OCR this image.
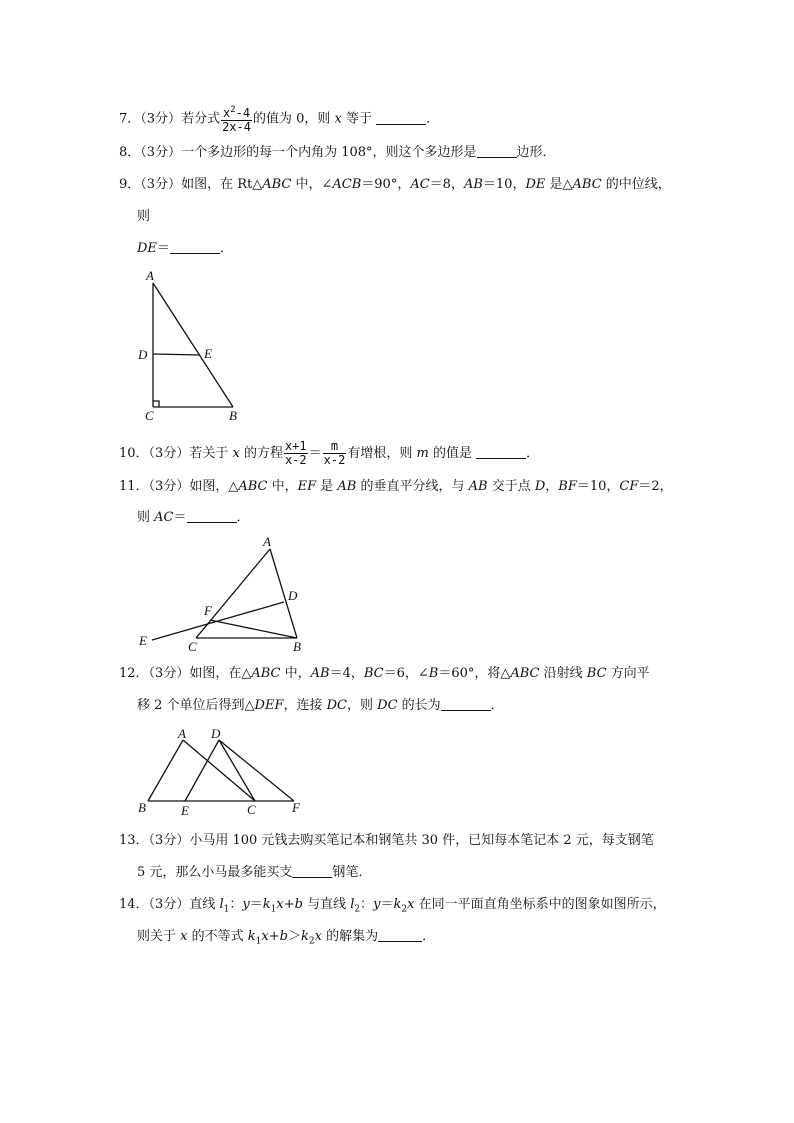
7．（3分）若分式 $\frac{x^2-4}{2x-4}$ 的值为 0，则 x 等于	．
8．（3分）一个多边形的每一个内角为 108°，则这个多边形是	边形．
9．（3分）如图，在 Rt△ABC 中，∠ACB＝90°，AC＝8，AB＝10，DE 是△ABC 的中位线，
则
DE＝	．
A
D	E
C	B
10．（3分）若关于 x 的方程 $\frac{x+1}{x-2} = \frac{m}{x-2}$ 有增根，则 m 的值是	．
11．（3分）如图，△ABC 中，EF 是 AB 的垂直平分线，与 AB 交于点 D，BF＝10，CF＝2，
则 AC＝	．
A
D
F
E	C	B
12．（3分）如图，在△ABC 中，AB＝4，BC＝6，∠B＝60°，将△ABC 沿射线 BC 方向平
移 2 个单位后得到△DEF，连接 DC，则 DC 的长为	．
A D
B	E	C	F
13．（3分）小马用 100 元钱去购买笔记本和钢笔共 30 件，已知每本笔记本 2 元，每支钢笔
5 元，那么小马最多能买支	钢笔．
14．（3分）直线 $l_1$：$y=k_1x+b$ 与直线 $l_2$：$y=k_2x$ 在同一平面直角坐标系中的图象如图所示，
则关于 x 的不等式 $k_1x+b>k_2x$ 的解集为	．
